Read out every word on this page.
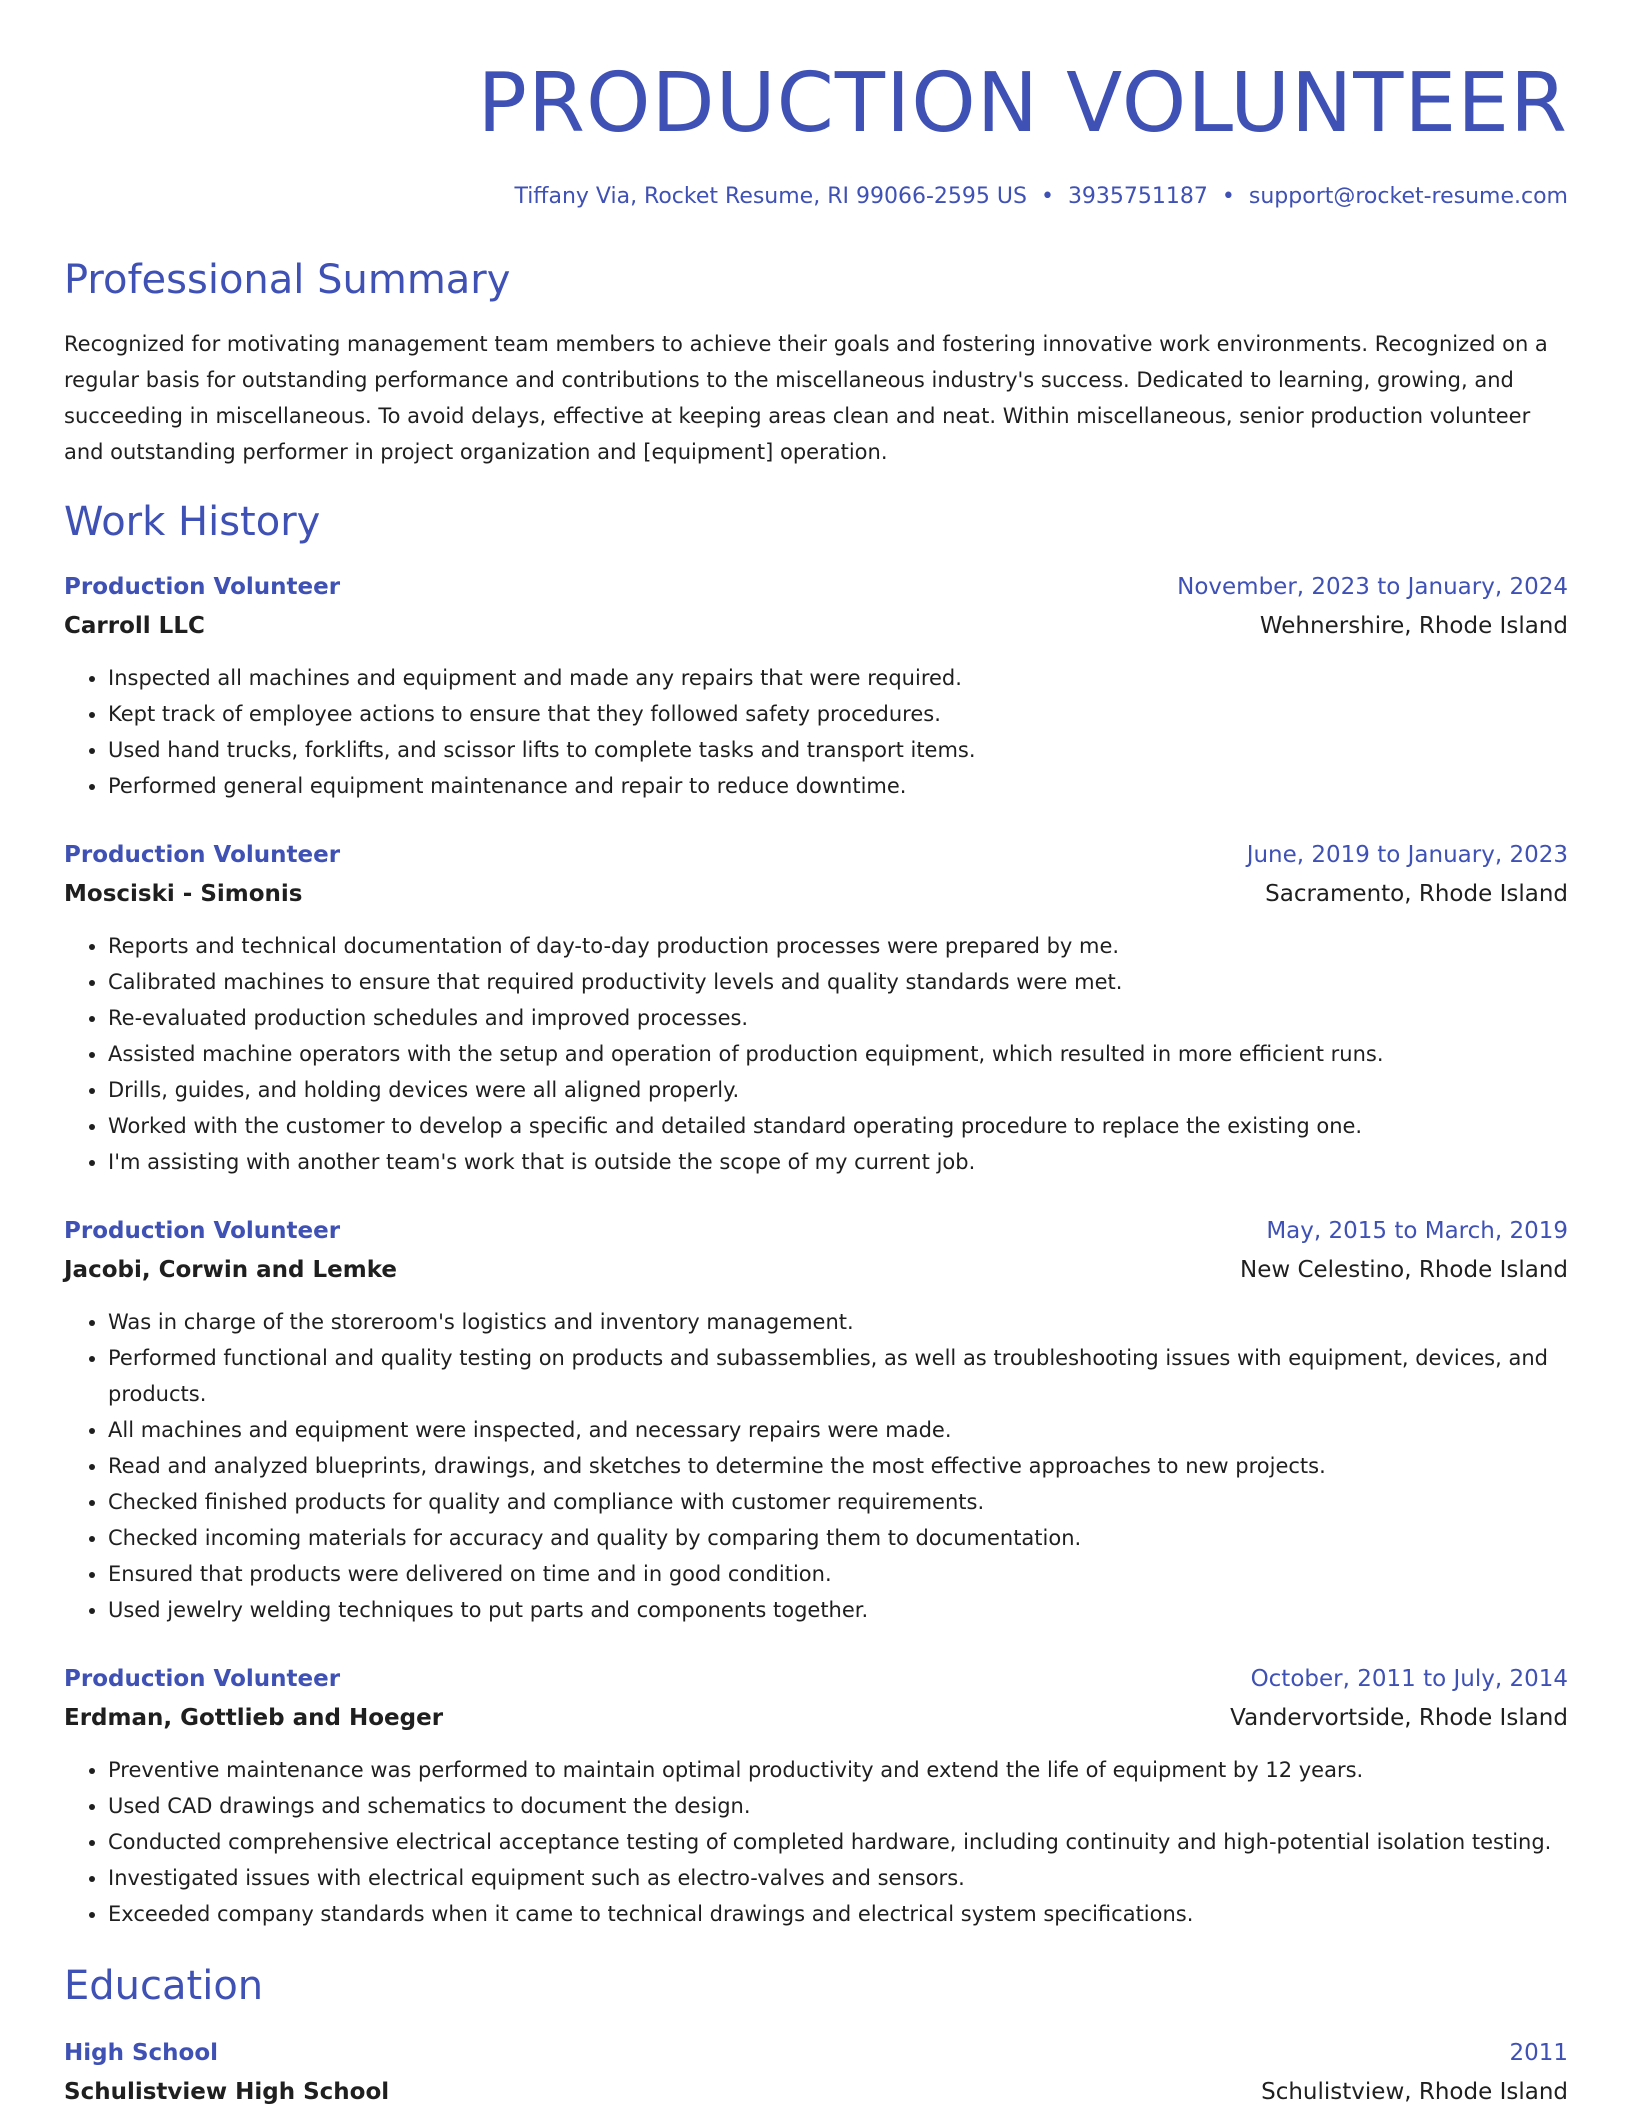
PRODUCTION VOLUNTEER
Tiffany Via, Rocket Resume, RI 99066-2595 US • 3935751187 • support@rocket-resume.com
Professional Summary
Recognized for motivating management team members to achieve their goals and fostering innovative work environments. Recognized on a regular basis for outstanding performance and contributions to the miscellaneous industry's success. Dedicated to learning, growing, and succeeding in miscellaneous. To avoid delays, effective at keeping areas clean and neat. Within miscellaneous, senior production volunteer and outstanding performer in project organization and [equipment] operation.
Work History
Production Volunteer	November, 2023 to January, 2024
Carroll LLC	Wehnershire, Rhode Island
• Inspected all machines and equipment and made any repairs that were required.
• Kept track of employee actions to ensure that they followed safety procedures.
• Used hand trucks, forklifts, and scissor lifts to complete tasks and transport items.
• Performed general equipment maintenance and repair to reduce downtime.
Production Volunteer	June, 2019 to January, 2023
Mosciski - Simonis	Sacramento, Rhode Island
• Reports and technical documentation of day-to-day production processes were prepared by me.
• Calibrated machines to ensure that required productivity levels and quality standards were met.
• Re-evaluated production schedules and improved processes.
• Assisted machine operators with the setup and operation of production equipment, which resulted in more efficient runs.
• Drills, guides, and holding devices were all aligned properly.
• Worked with the customer to develop a specific and detailed standard operating procedure to replace the existing one.
• I'm assisting with another team's work that is outside the scope of my current job.
Production Volunteer	May, 2015 to March, 2019
Jacobi, Corwin and Lemke	New Celestino, Rhode Island
• Was in charge of the storeroom's logistics and inventory management.
• Performed functional and quality testing on products and subassemblies, as well as troubleshooting issues with equipment, devices, and products.
• All machines and equipment were inspected, and necessary repairs were made.
• Read and analyzed blueprints, drawings, and sketches to determine the most effective approaches to new projects.
• Checked finished products for quality and compliance with customer requirements.
• Checked incoming materials for accuracy and quality by comparing them to documentation.
• Ensured that products were delivered on time and in good condition.
• Used jewelry welding techniques to put parts and components together.
Production Volunteer	October, 2011 to July, 2014
Erdman, Gottlieb and Hoeger	Vandervortside, Rhode Island
• Preventive maintenance was performed to maintain optimal productivity and extend the life of equipment by 12 years.
• Used CAD drawings and schematics to document the design.
• Conducted comprehensive electrical acceptance testing of completed hardware, including continuity and high-potential isolation testing.
• Investigated issues with electrical equipment such as electro-valves and sensors.
• Exceeded company standards when it came to technical drawings and electrical system specifications.
Education
High School	2011
Schulistview High School	Schulistview, Rhode Island
